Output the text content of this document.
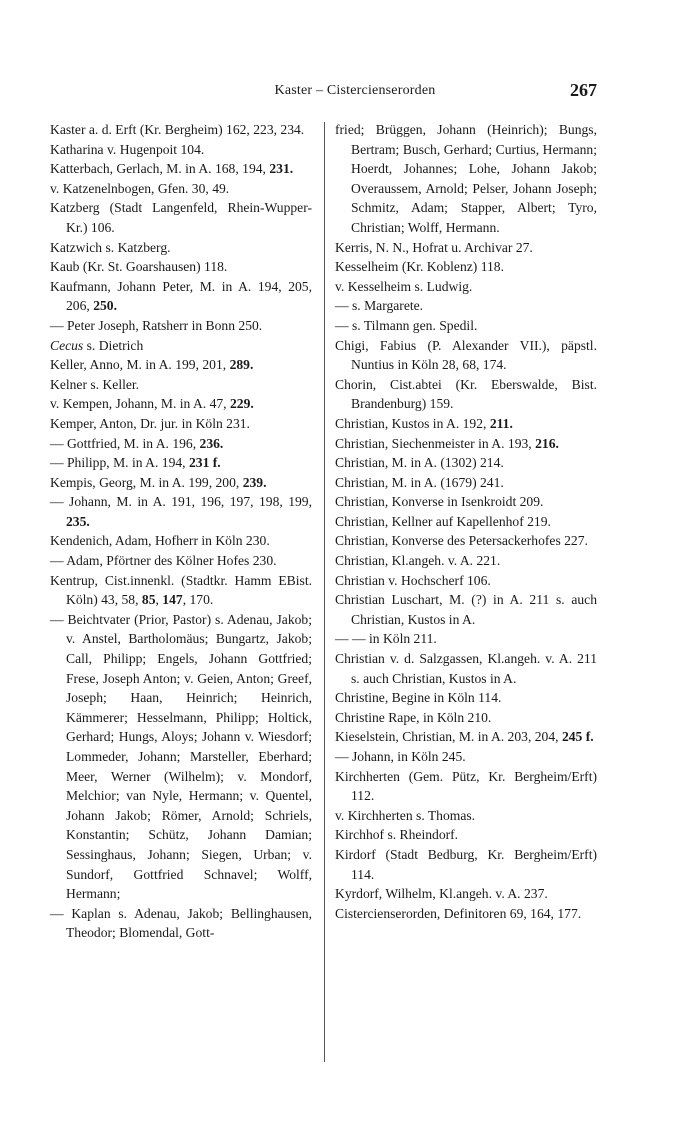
Kaster – Cistercienserorden	267

Kaster a. d. Erft (Kr. Bergheim) 162, 223, 234.

Katharina v. Hugenpoit 104.

Katterbach, Gerlach, M. in A. 168, 194, 231.

v. Katzenelnbogen, Gfen. 30, 49.

Katzberg (Stadt Langenfeld, Rhein-Wupper-Kr.) 106.

Katzwich s. Katzberg.

Kaub (Kr. St. Goarshausen) 118.

Kaufmann, Johann Peter, M. in A. 194, 205, 206, 250.

— Peter Joseph, Ratsherr in Bonn 250.

Cecus s. Dietrich

Keller, Anno, M. in A. 199, 201, 289.

Kelner s. Keller.

v. Kempen, Johann, M. in A. 47, 229.

Kemper, Anton, Dr. jur. in Köln 231.

— Gottfried, M. in A. 196, 236.

— Philipp, M. in A. 194, 231 f.

Kempis, Georg, M. in A. 199, 200, 239.

— Johann, M. in A. 191, 196, 197, 198, 199, 235.

Kendenich, Adam, Hofherr in Köln 230.

— Adam, Pförtner des Kölner Hofes 230.

Kentrup, Cist.innenkl. (Stadtkr. Hamm EBist. Köln) 43, 58, 85, 147, 170.

— Beichtvater (Prior, Pastor) s. Adenau, Jakob; v. Anstel, Bartholomäus; Bungartz, Jakob; Call, Philipp; Engels, Johann Gottfried; Frese, Joseph Anton; v. Geien, Anton; Greef, Joseph; Haan, Heinrich; Heinrich, Kämmerer; Hesselmann, Philipp; Holtick, Gerhard; Hungs, Aloys; Johann v. Wiesdorf; Lommeder, Johann; Marsteller, Eberhard; Meer, Werner (Wilhelm); v. Mondorf, Melchior; van Nyle, Hermann; v. Quentel, Johann Jakob; Römer, Arnold; Schriels, Konstantin; Schütz, Johann Damian; Sessinghaus, Johann; Siegen, Urban; v. Sundorf, Gottfried Schnavel; Wolff, Hermann;

— Kaplan s. Adenau, Jakob; Bellinghausen, Theodor; Blomendal, Gott-

fried; Brüggen, Johann (Heinrich); Bungs, Bertram; Busch, Gerhard; Curtius, Hermann; Hoerdt, Johannes; Lohe, Johann Jakob; Overaussem, Arnold; Pelser, Johann Joseph; Schmitz, Adam; Stapper, Albert; Tyro, Christian; Wolff, Hermann.

Kerris, N. N., Hofrat u. Archivar 27.

Kesselheim (Kr. Koblenz) 118.

v. Kesselheim s. Ludwig.

— s. Margarete.

— s. Tilmann gen. Spedil.

Chigi, Fabius (P. Alexander VII.), päpstl. Nuntius in Köln 28, 68, 174.

Chorin, Cist.abtei (Kr. Eberswalde, Bist. Brandenburg) 159.

Christian, Kustos in A. 192, 211.

Christian, Siechenmeister in A. 193, 216.

Christian, M. in A. (1302) 214.

Christian, M. in A. (1679) 241.

Christian, Konverse in Isenkroidt 209.

Christian, Kellner auf Kapellenhof 219.

Christian, Konverse des Petersackerhofes 227.

Christian, Kl.angeh. v. A. 221.

Christian v. Hochscherf 106.

Christian Luschart, M. (?) in A. 211 s. auch Christian, Kustos in A.

— — in Köln 211.

Christian v. d. Salzgassen, Kl.angeh. v. A. 211 s. auch Christian, Kustos in A.

Christine, Begine in Köln 114.

Christine Rape, in Köln 210.

Kieselstein, Christian, M. in A. 203, 204, 245 f.

— Johann, in Köln 245.

Kirchherten (Gem. Pütz, Kr. Bergheim/Erft) 112.

v. Kirchherten s. Thomas.

Kirchhof s. Rheindorf.

Kirdorf (Stadt Bedburg, Kr. Bergheim/Erft) 114.

Kyrdorf, Wilhelm, Kl.angeh. v. A. 237.

Cistercienserorden, Definitoren 69, 164, 177.
